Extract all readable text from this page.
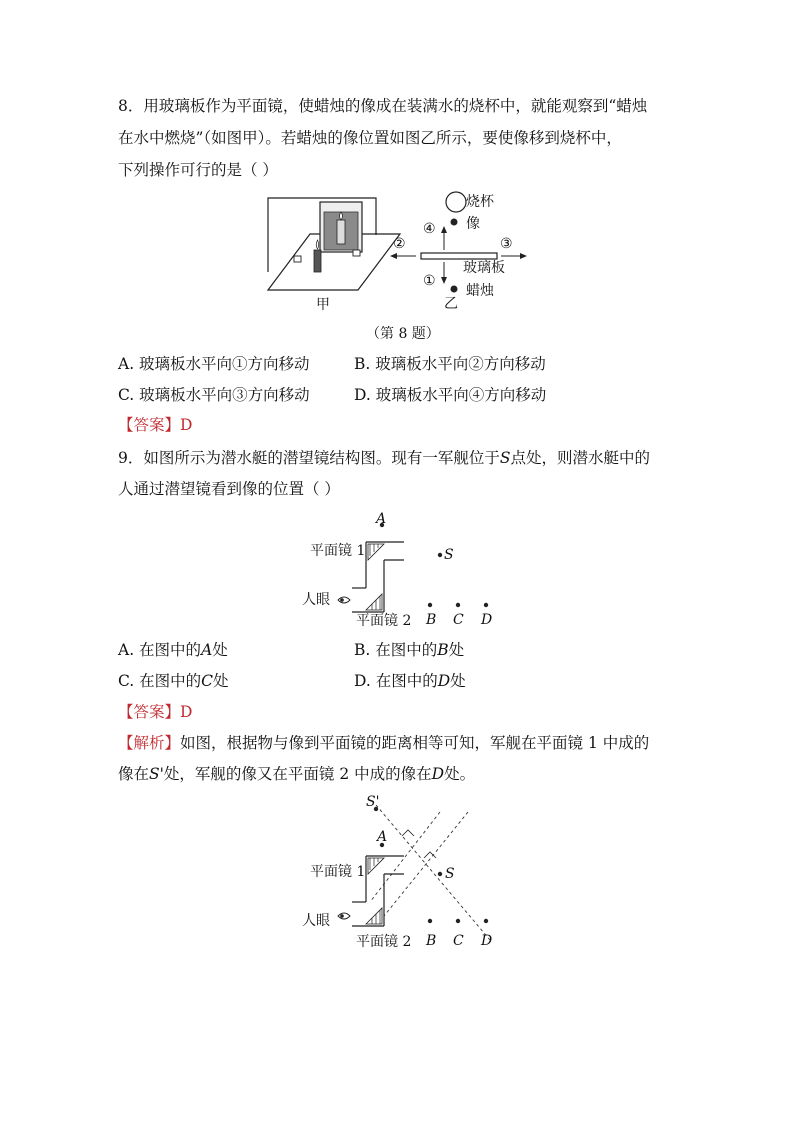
8．用玻璃板作为平面镜，使蜡烛的像成在装满水的烧杯中，就能观察到“蜡烛
在水中燃烧”（如图甲）。若蜡烛的像位置如图乙所示，要使像移到烧杯中，
下列操作可行的是（ ）
甲
烧杯
像
④
②	③
玻璃板
①
蜡烛
乙
（第 8 题）
A. 玻璃板水平向①方向移动	B. 玻璃板水平向②方向移动
C. 玻璃板水平向③方向移动	D. 玻璃板水平向④方向移动
【答案】D
9．如图所示为潜水艇的潜望镜结构图。现有一军舰位于S点处，则潜水艇中的
人通过潜望镜看到像的位置（ ）
A
S
平面镜 1
人眼
平面镜 2 B C D
A. 在图中的A处	B. 在图中的B处
C. 在图中的C处	D. 在图中的D处
【答案】D
【解析】如图，根据物与像到平面镜的距离相等可知，军舰在平面镜 1 中成的
像在S'处，军舰的像又在平面镜 2 中成的像在D处。
S'
A
S
平面镜 1
人眼
平面镜 2 B C D
